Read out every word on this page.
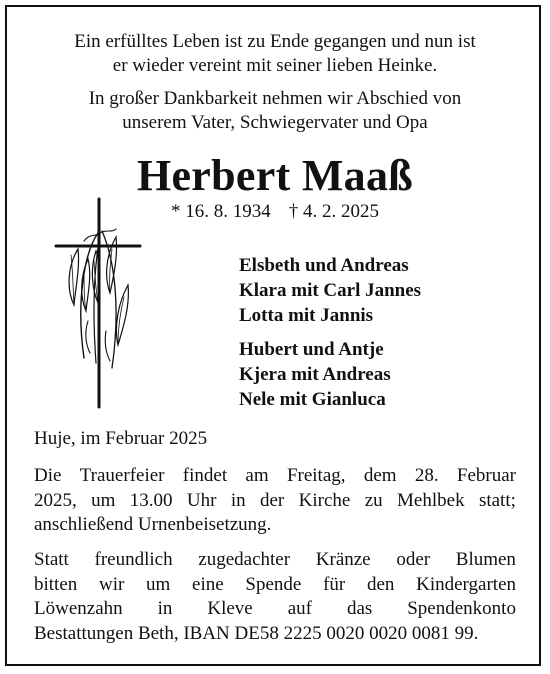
Ein erfülltes Leben ist zu Ende gegangen und nun ist
er wieder vereint mit seiner lieben Heinke.
In großer Dankbarkeit nehmen wir Abschied von
unserem Vater, Schwiegervater und Opa
Herbert Maaß
* 16. 8. 1934 † 4. 2. 2025
Elsbeth und Andreas
Klara mit Carl Jannes
Lotta mit Jannis
Hubert und Antje
Kjera mit Andreas
Nele mit Gianluca
Huje, im Februar 2025
Die Trauerfeier findet am Freitag, dem 28. Februar
2025, um 13.00 Uhr in der Kirche zu Mehlbek statt;
anschließend Urnenbeisetzung.
Statt freundlich zugedachter Kränze oder Blumen
bitten wir um eine Spende für den Kindergarten
Löwenzahn in Kleve auf das Spendenkonto
Bestattungen Beth, IBAN DE58 2225 0020 0020 0081 99.
